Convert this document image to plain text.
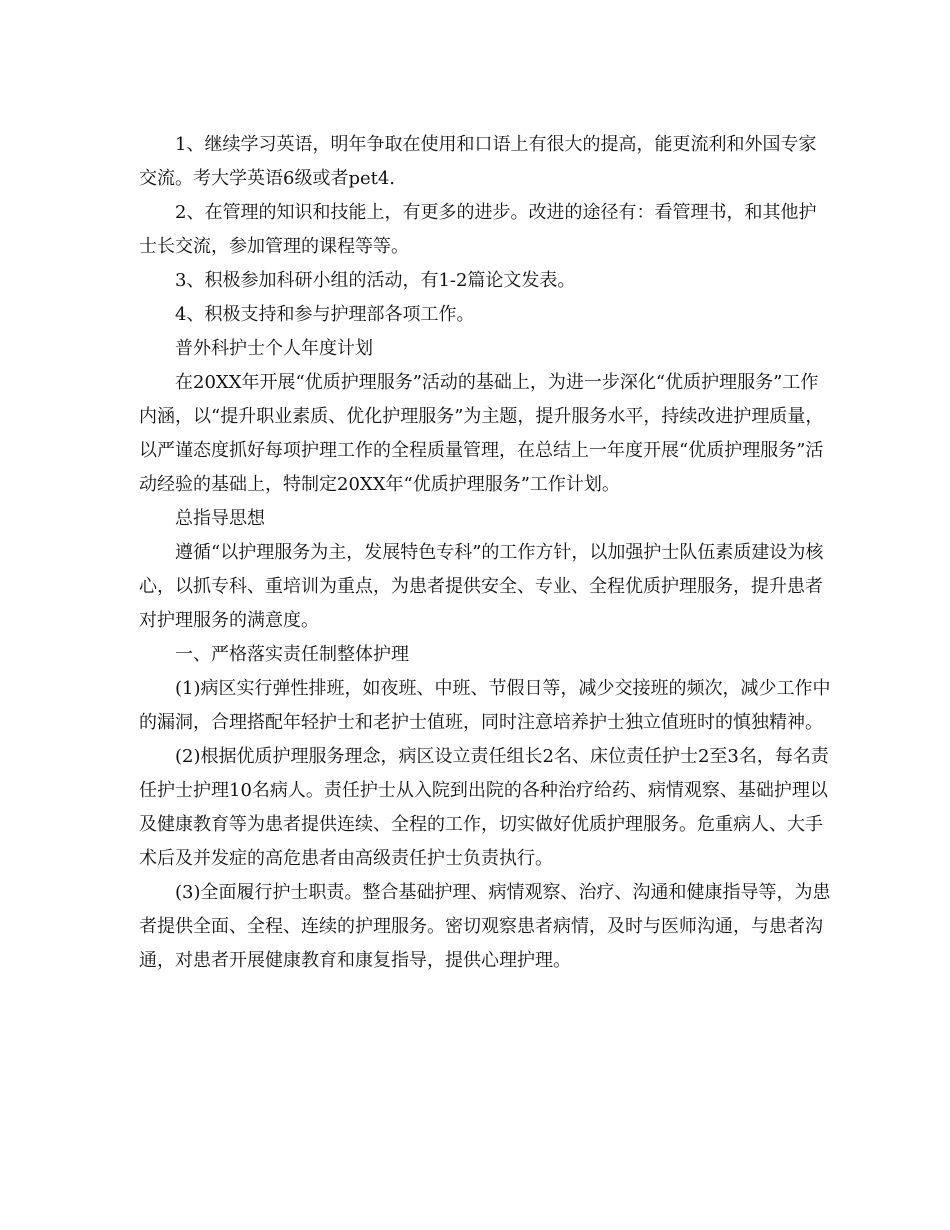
1、继续学习英语，明年争取在使用和口语上有很大的提高，能更流利和外国专家交流。考大学英语6级或者pet4.

2、在管理的知识和技能上，有更多的进步。改进的途径有：看管理书，和其他护士长交流，参加管理的课程等等。

3、积极参加科研小组的活动，有1-2篇论文发表。

4、积极支持和参与护理部各项工作。

普外科护士个人年度计划

在20XX年开展“优质护理服务”活动的基础上，为进一步深化“优质护理服务”工作内涵，以“提升职业素质、优化护理服务”为主题，提升服务水平，持续改进护理质量，以严谨态度抓好每项护理工作的全程质量管理，在总结上一年度开展“优质护理服务”活动经验的基础上，特制定20XX年“优质护理服务”工作计划。

总指导思想

遵循“以护理服务为主，发展特色专科”的工作方针，以加强护士队伍素质建设为核心，以抓专科、重培训为重点，为患者提供安全、专业、全程优质护理服务，提升患者对护理服务的满意度。

一、严格落实责任制整体护理

(1)病区实行弹性排班，如夜班、中班、节假日等，减少交接班的频次，减少工作中的漏洞，合理搭配年轻护士和老护士值班，同时注意培养护士独立值班时的慎独精神。

(2)根据优质护理服务理念，病区设立责任组长2名、床位责任护士2至3名，每名责任护士护理10名病人。责任护士从入院到出院的各种治疗给药、病情观察、基础护理以及健康教育等为患者提供连续、全程的工作，切实做好优质护理服务。危重病人、大手术后及并发症的高危患者由高级责任护士负责执行。

(3)全面履行护士职责。整合基础护理、病情观察、治疗、沟通和健康指导等，为患者提供全面、全程、连续的护理服务。密切观察患者病情，及时与医师沟通，与患者沟通，对患者开展健康教育和康复指导，提供心理护理。
